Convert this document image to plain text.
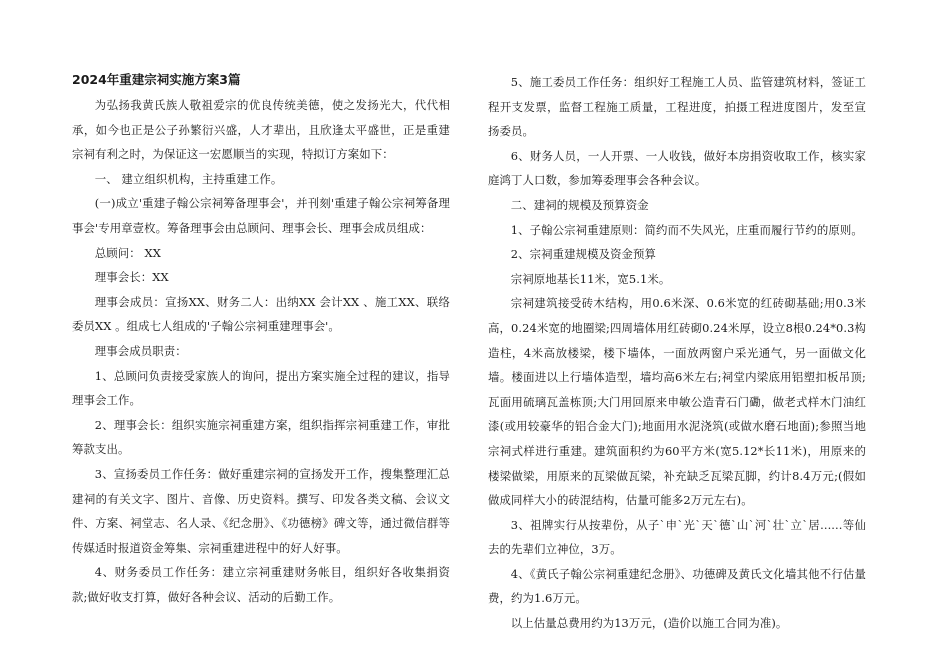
2024年重建宗祠实施方案3篇

为弘扬我黄氏族人敬祖爱宗的优良传统美德，使之发扬光大，代代相承，如今也正是公子孙繁衍兴盛，人才辈出，且欣逢太平盛世，正是重建宗祠有利之时，为保证这一宏愿顺当的实现，特拟订方案如下：

一、 建立组织机构，主持重建工作。

(一)成立'重建子翰公宗祠筹备理事会'，并刊刻'重建子翰公宗祠筹备理事会'专用章壹枚。筹备理事会由总顾问、理事会长、理事会成员组成：

总顾问： XX

理事会长：XX

理事会成员：宣扬XX、财务二人：出纳XX 会计XX 、施工XX、联络委员XX 。组成七人组成的'子翰公宗祠重建理事会'。

理事会成员职责：

1、总顾问负责接受家族人的询问，提出方案实施全过程的建议，指导理事会工作。

2、理事会长：组织实施宗祠重建方案，组织指挥宗祠重建工作，审批筹款支出。

3、宣扬委员工作任务：做好重建宗祠的宣扬发开工作，搜集整理汇总建祠的有关文字、图片、音像、历史资料。撰写、印发各类文稿、会议文件、方案、祠堂志、名人录、《纪念册》、《功德榜》碑文等，通过微信群等传媒适时报道资金筹集、宗祠重建进程中的好人好事。

4、财务委员工作任务：建立宗祠重建财务帐目，组织好各收集捐资款;做好收支打算，做好各种会议、活动的后勤工作。

5、施工委员工作任务：组织好工程施工人员、监管建筑材料，签证工程开支发票，监督工程施工质量，工程进度，拍摄工程进度图片，发至宣扬委员。

6、财务人员，一人开票、一人收钱，做好本房捐资收取工作，核实家庭鸿丁人口数，参加筹委理事会各种会议。

二、建祠的规模及预算资金

1、子翰公宗祠重建原则：简约而不失风光，庄重而履行节约的原则。

2、宗祠重建规模及资金预算

宗祠原地基长11米，宽5.1米。

宗祠建筑接受砖木结构，用0.6米深、0.6米宽的红砖砌基础;用0.3米高，0.24米宽的地圈梁;四周墙体用红砖砌0.24米厚，设立8根0.24*0.3构造柱，4米高放楼梁，楼下墙体，一面放两窗户采光通气，另一面做文化墙。楼面进以上行墙体造型，墙均高6米左右;祠堂内梁底用铝塑扣板吊顶;瓦面用硫璃瓦盖栋顶;大门用回原来申敏公造青石门磡，做老式样木门油红漆(或用较豪华的铝合金大门);地面用水泥浇筑(或做水磨石地面);参照当地宗祠式样进行重建。建筑面积约为60平方米(宽5.12*长11米)，用原来的楼梁做梁，用原来的瓦梁做瓦梁，补充缺乏瓦梁瓦脚，约计8.4万元;(假如做成同样大小的砖混结构，估量可能多2万元左右)。

3、祖牌实行从按辈份，从子`申`光`天`德`山`河`壮`立`居......等仙去的先辈们立神位，3万。

4、《黄氏子翰公宗祠重建纪念册》、功德碑及黄氏文化墙其他不行估量费，约为1.6万元。

以上估量总费用约为13万元，(造价以施工合同为准)。
